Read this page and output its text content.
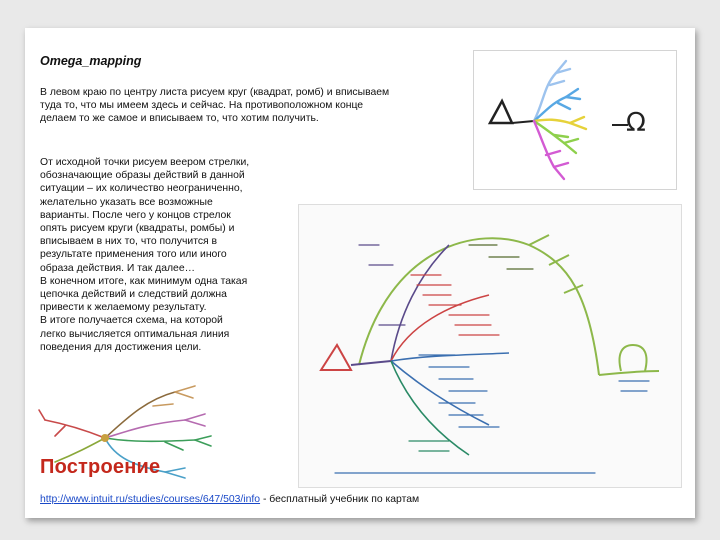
Omega_mapping

В левом краю по центру листа рисуем круг (квадрат, ромб) и вписываем
туда то, что мы имеем здесь и сейчас. На противоположном конце
делаем то же самое и вписываем то, что хотим получить.	Ω

От исходной точки рисуем веером стрелки,
обозначающие образы действий в данной
ситуации – их количество неограниченно,
желательно указать все возможные
варианты. После чего у концов стрелок
опять рисуем круги (квадраты, ромбы) и
вписываем в них то, что получится в
результате применения того или иного
образа действия. И так далее…
В конечном итоге, как минимум одна такая
цепочка действий и следствий должна
привести к желаемому результату.
В итоге получается схема, на которой
легко вычисляется оптимальная линия
поведения для достижения цели.

Построение
http://www.intuit.ru/studies/courses/647/503/info - бесплатный учебник по картам
